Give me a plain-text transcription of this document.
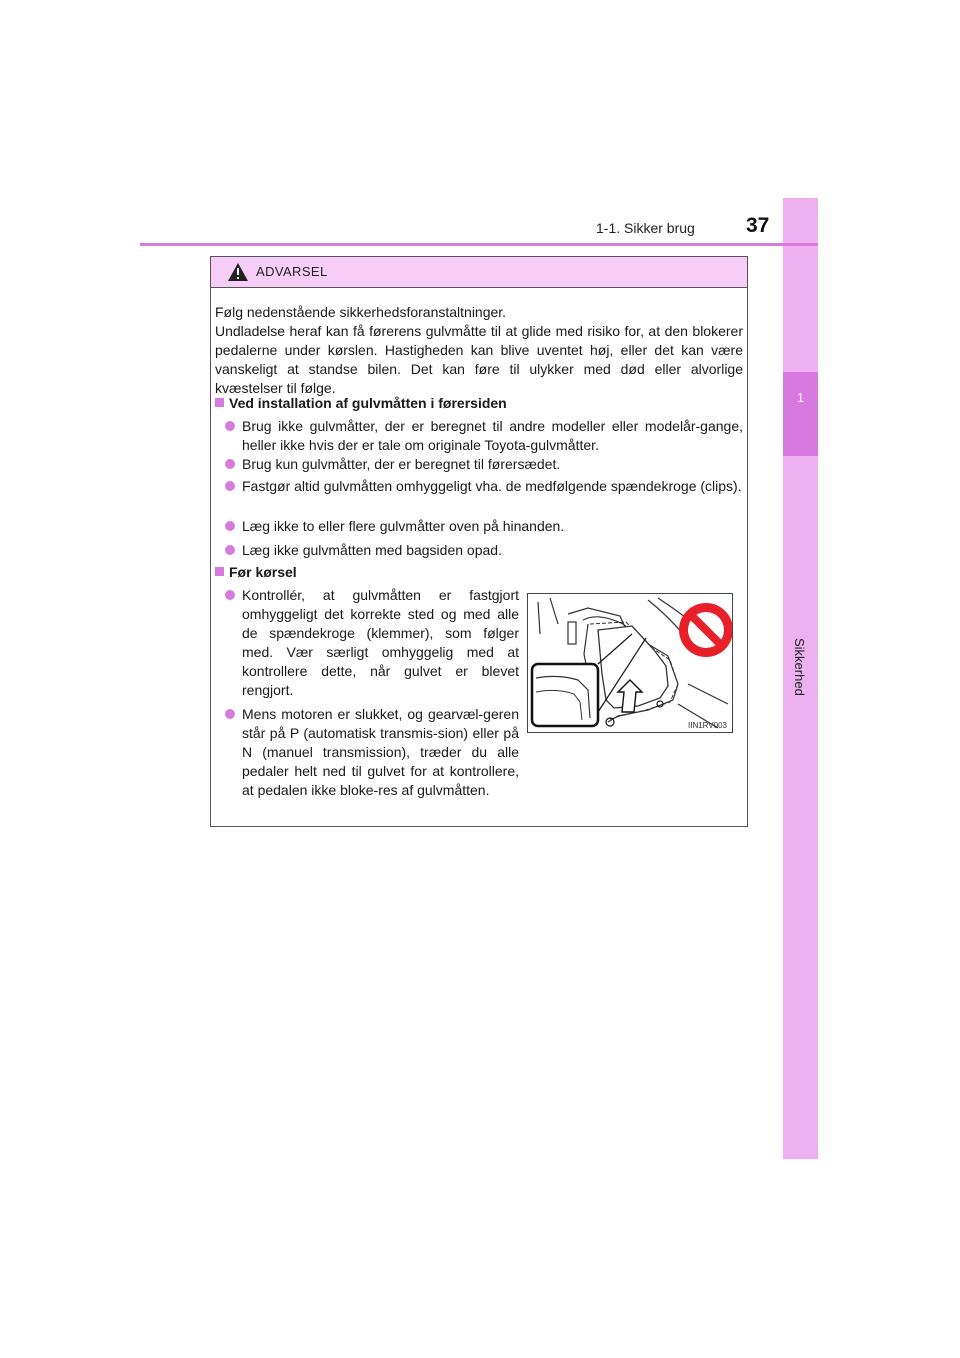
1
Sikkerhed
1-1. Sikker brug 37
ADVARSEL

Følg nedenstående sikkerhedsforanstaltninger.

Undladelse heraf kan få førerens gulvmåtte til at glide med risiko for, at den blokerer pedalerne under kørslen. Hastigheden kan blive uventet høj, eller det kan være vanskeligt at standse bilen. Det kan føre til ulykker med død eller alvorlige kvæstelser til følge.

Ved installation af gulvmåtten i førersiden
Brug ikke gulvmåtter, der er beregnet til andre modeller eller modelår-gange, heller ikke hvis der er tale om originale Toyota-gulvmåtter.
Brug kun gulvmåtter, der er beregnet til førersædet.
Fastgør altid gulvmåtten omhyggeligt vha. de medfølgende spændekroge (clips).
Læg ikke to eller flere gulvmåtter oven på hinanden.
Læg ikke gulvmåtten med bagsiden opad.
Før kørsel
Kontrollér, at gulvmåtten er fastgjort omhyggeligt det korrekte sted og med alle de spændekroge (klemmer), som følger med. Vær særligt omhyggelig med at kontrollere dette, når gulvet er blevet rengjort.
Mens motoren er slukket, og gearvæl-geren står på P (automatisk transmis-sion) eller på N (manuel transmission), træder du alle pedaler helt ned til gulvet for at kontrollere, at pedalen ikke bloke-res af gulvmåtten.
IIN1RV003
